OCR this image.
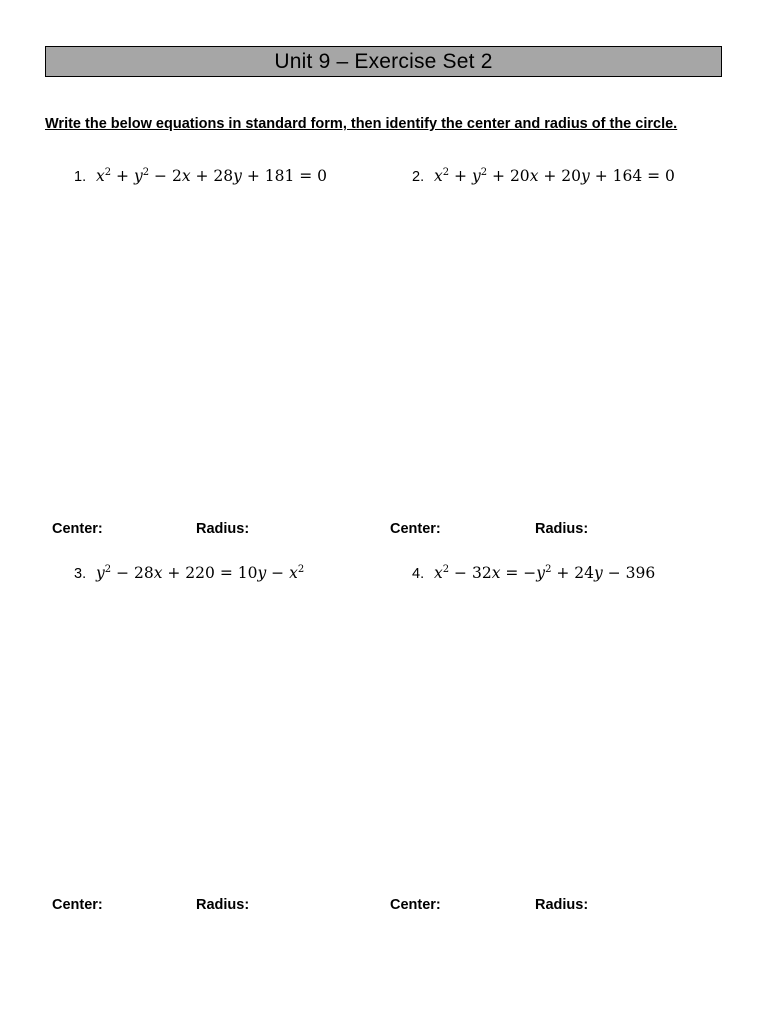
Unit 9 – Exercise Set 2
Write the below equations in standard form, then identify the center and radius of the circle.
1. $x^2 + y^2 - 2x + 28y + 181 = 0$	2. $x^2 + y^2 + 20x + 20y + 164 = 0$
Center:	Radius:	Center:	Radius:
3. $y^2 - 28x + 220 = 10y - x^2$	4. $x^2 - 32x = -y^2 + 24y - 396$
Center:	Radius:	Center:	Radius:
